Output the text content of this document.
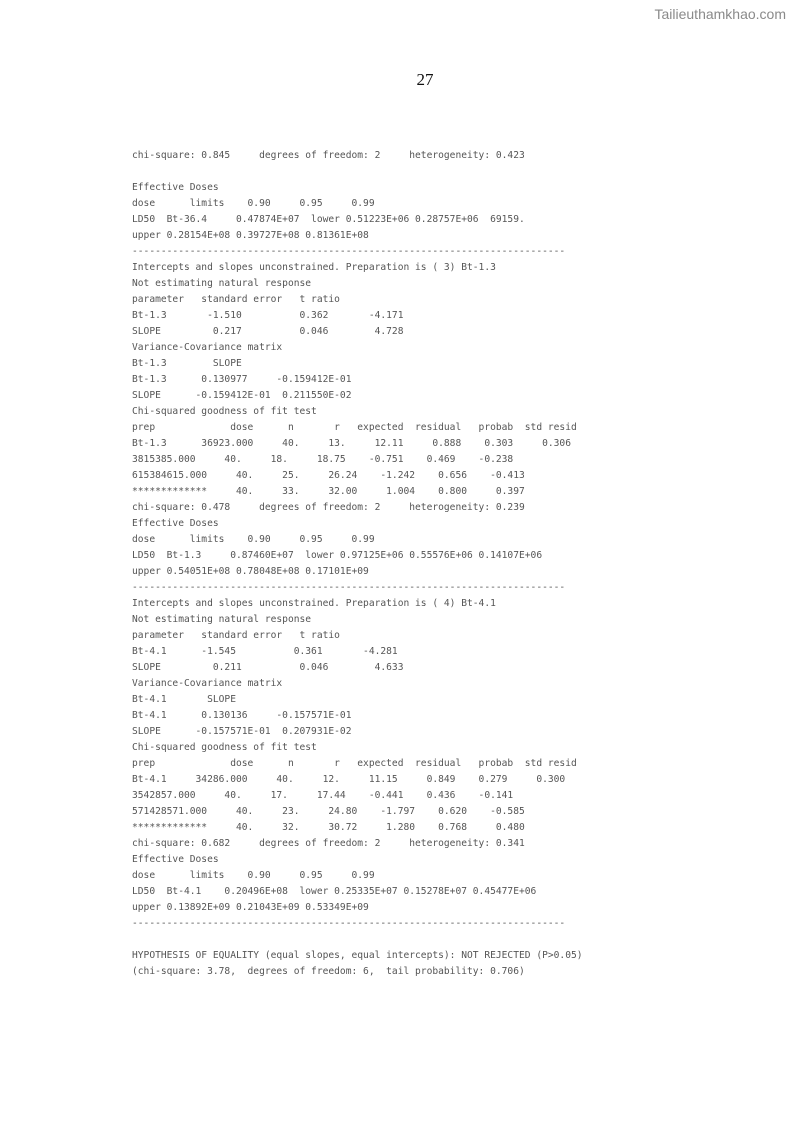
Tailieuthamkhao.com
27
chi-square: 0.845     degrees of freedom: 2     heterogeneity: 0.423
Effective Doses
dose      limits    0.90     0.95     0.99
LD50  Bt-36.4     0.47874E+07  lower 0.51223E+06 0.28757E+06  69159.
upper 0.28154E+08 0.39727E+08 0.81361E+08
---------------------------------------------------------------------------
Intercepts and slopes unconstrained. Preparation is ( 3) Bt-1.3
Not estimating natural response
parameter   standard error   t ratio
Bt-1.3       -1.510          0.362       -4.171
SLOPE         0.217          0.046        4.728
Variance-Covariance matrix
Bt-1.3        SLOPE
Bt-1.3      0.130977     -0.159412E-01
SLOPE      -0.159412E-01  0.211550E-02
Chi-squared goodness of fit test
prep             dose      n       r   expected  residual   probab  std resid
Bt-1.3      36923.000     40.     13.     12.11     0.888    0.303     0.306
3815385.000     40.     18.     18.75    -0.751    0.469    -0.238
615384615.000     40.     25.     26.24    -1.242    0.656    -0.413
*************     40.     33.     32.00     1.004    0.800     0.397
chi-square: 0.478     degrees of freedom: 2     heterogeneity: 0.239
Effective Doses
dose      limits    0.90     0.95     0.99
LD50  Bt-1.3     0.87460E+07  lower 0.97125E+06 0.55576E+06 0.14107E+06
upper 0.54051E+08 0.78048E+08 0.17101E+09
---------------------------------------------------------------------------
Intercepts and slopes unconstrained. Preparation is ( 4) Bt-4.1
Not estimating natural response
parameter   standard error   t ratio
Bt-4.1      -1.545          0.361       -4.281
SLOPE         0.211          0.046        4.633
Variance-Covariance matrix
Bt-4.1       SLOPE
Bt-4.1      0.130136     -0.157571E-01
SLOPE      -0.157571E-01  0.207931E-02
Chi-squared goodness of fit test
prep             dose      n       r   expected  residual   probab  std resid
Bt-4.1     34286.000     40.     12.     11.15     0.849    0.279     0.300
3542857.000     40.     17.     17.44    -0.441    0.436    -0.141
571428571.000     40.     23.     24.80    -1.797    0.620    -0.585
*************     40.     32.     30.72     1.280    0.768     0.480
chi-square: 0.682     degrees of freedom: 2     heterogeneity: 0.341
Effective Doses
dose      limits    0.90     0.95     0.99
LD50  Bt-4.1    0.20496E+08  lower 0.25335E+07 0.15278E+07 0.45477E+06
upper 0.13892E+09 0.21043E+09 0.53349E+09
---------------------------------------------------------------------------
HYPOTHESIS OF EQUALITY (equal slopes, equal intercepts): NOT REJECTED (P>0.05)
(chi-square: 3.78,  degrees of freedom: 6,  tail probability: 0.706)
